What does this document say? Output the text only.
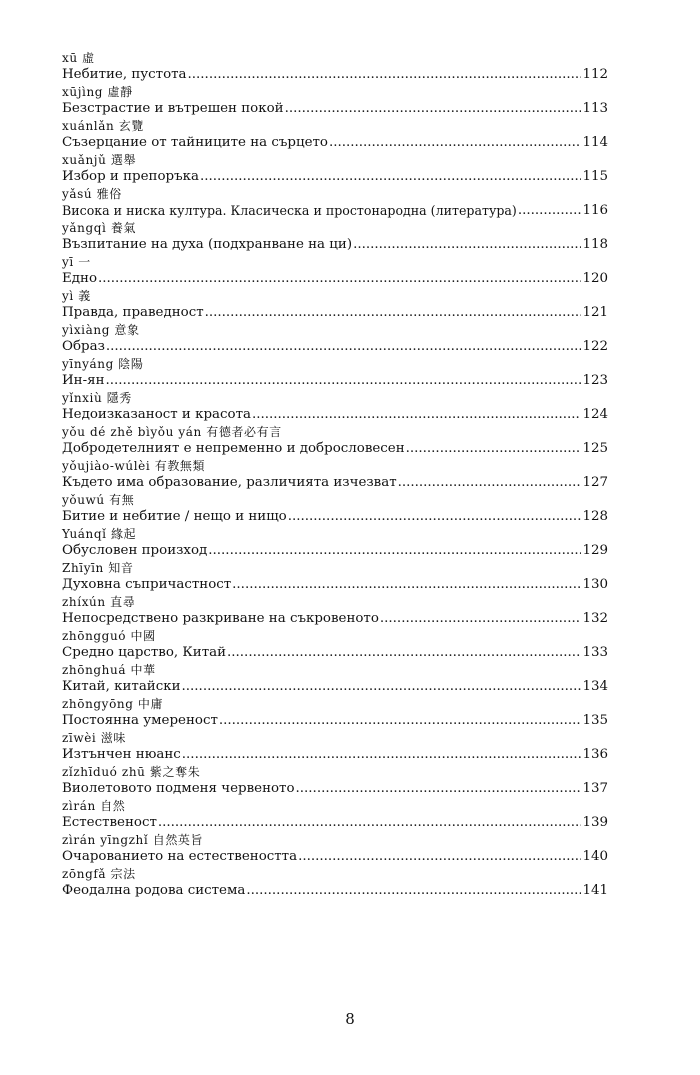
xū 虛
Небитие, пустота .....	112
xūjìng 虛靜
Безстрастие и вътрешен покой .....	113
xuánlǎn 玄覽
Съзерцание от тайниците на сърцето .....	114
xuǎnjǔ 選舉
Избор и препоръка .....	115
yǎsú 雅俗
Висока и ниска култура. Класическа и простонародна (литература) .....	116
yǎngqì 養氣
Възпитание на духа (подхранване на ци) .....	118
yī 一
Едно .....	120
yì 義
Правда, праведност .....	121
yìxiàng 意象
Образ .....	122
yīnyáng 陰陽
Ин-ян .....	123
yǐnxiù 隱秀
Недоизказаност и красота .....	124
yǒu dé zhě bìyǒu yán 有德者必有言
Добродетелният е непременно и добрословесен .....	125
yǒujiào-wúlèi 有教無類
Където има образование, различията изчезват .....	127
yǒuwú 有無
Битие и небитие / нещо и нищо .....	128
Yuánqǐ 緣起
Обусловен произход .....	129
Zhīyīn 知音
Духовна съпричастност .....	130
zhíxún 直尋
Непосредствено разкриване на съкровеното .....	132
zhōngguó 中國
Средно царство, Китай .....	133
zhōnghuá 中華
Китай, китайски .....	134
zhōngyōng 中庸
Постоянна умереност .....	135
zīwèi 滋味
Изтънчен нюанс .....	136
zǐzhīduó zhū 紫之奪朱
Виолетовото подменя червеното .....	137
zìrán 自然
Естественост .....	139
zìrán yīngzhǐ 自然英旨
Очарованието на естествеността .....	140
zōngfǎ 宗法
Феодална родова система .....	141
8
